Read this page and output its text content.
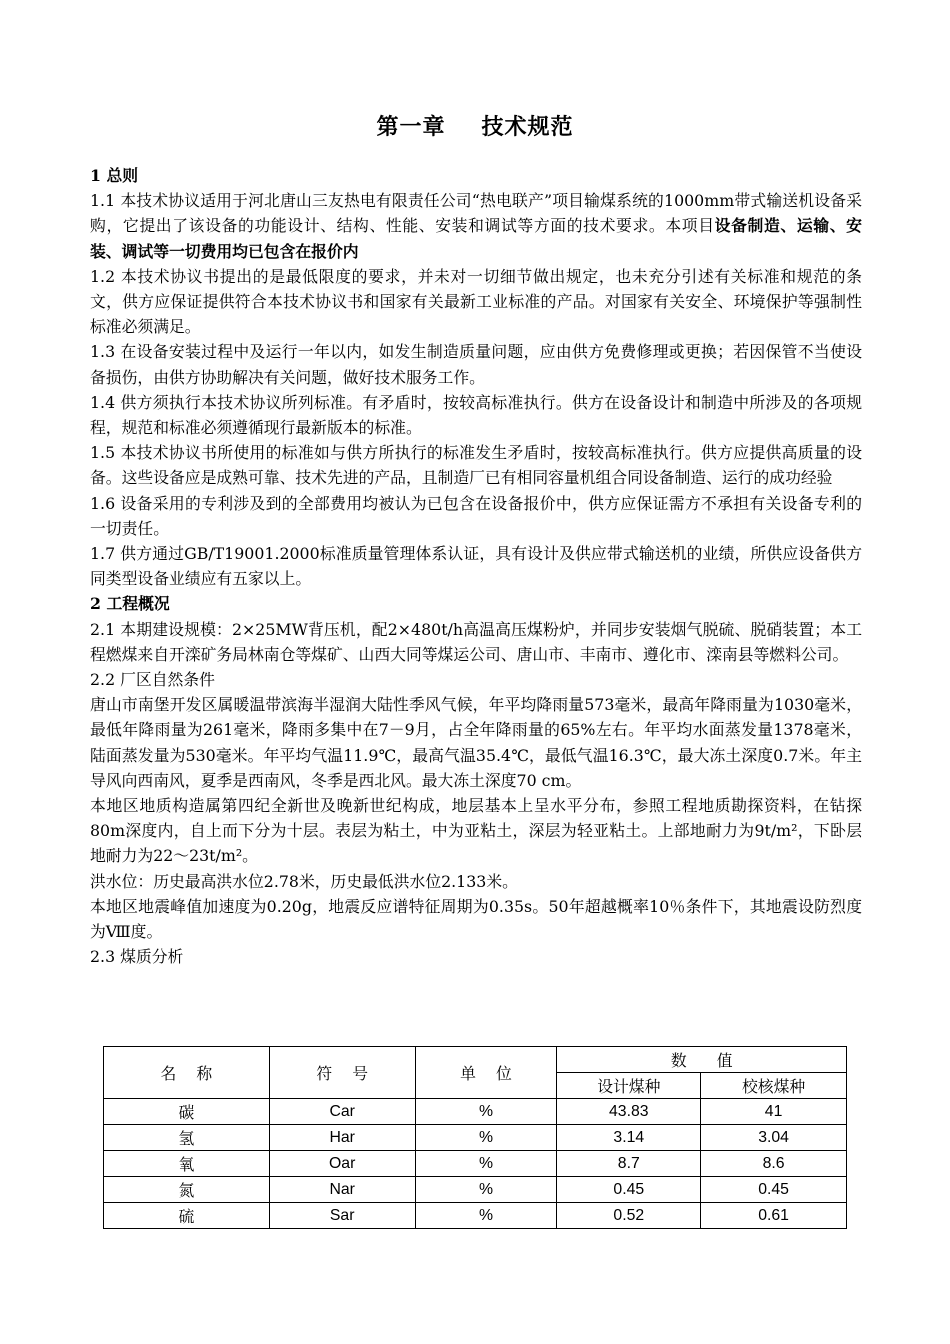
第一章 技术规范

1 总则

1.1 本技术协议适用于河北唐山三友热电有限责任公司“热电联产”项目输煤系统的1000mm带式输送机设备采购，它提出了该设备的功能设计、结构、性能、安装和调试等方面的技术要求。本项目设备制造、运输、安装、调试等一切费用均已包含在报价内

1.2 本技术协议书提出的是最低限度的要求，并未对一切细节做出规定，也未充分引述有关标准和规范的条文，供方应保证提供符合本技术协议书和国家有关最新工业标准的产品。对国家有关安全、环境保护等强制性标准必须满足。

1.3 在设备安装过程中及运行一年以内，如发生制造质量问题，应由供方免费修理或更换；若因保管不当使设备损伤，由供方协助解决有关问题，做好技术服务工作。

1.4 供方须执行本技术协议所列标准。有矛盾时，按较高标准执行。供方在设备设计和制造中所涉及的各项规程，规范和标准必须遵循现行最新版本的标准。

1.5 本技术协议书所使用的标准如与供方所执行的标准发生矛盾时，按较高标准执行。供方应提供高质量的设备。这些设备应是成熟可靠、技术先进的产品，且制造厂已有相同容量机组合同设备制造、运行的成功经验

1.6 设备采用的专利涉及到的全部费用均被认为已包含在设备报价中，供方应保证需方不承担有关设备专利的一切责任。

1.7 供方通过GB/T19001.2000标准质量管理体系认证，具有设计及供应带式输送机的业绩，所供应设备供方同类型设备业绩应有五家以上。

2 工程概况

2.1 本期建设规模：2×25MW背压机，配2×480t/h高温高压煤粉炉，并同步安装烟气脱硫、脱硝装置；本工程燃煤来自开滦矿务局林南仓等煤矿、山西大同等煤运公司、唐山市、丰南市、遵化市、滦南县等燃料公司。

2.2 厂区自然条件

唐山市南堡开发区属暖温带滨海半湿润大陆性季风气候，年平均降雨量573毫米，最高年降雨量为1030毫米，最低年降雨量为261毫米，降雨多集中在7－9月，占全年降雨量的65%左右。年平均水面蒸发量1378毫米，陆面蒸发量为530毫米。年平均气温11.9℃，最高气温35.4℃，最低气温16.3℃，最大冻土深度0.7米。年主导风向西南风，夏季是西南风，冬季是西北风。最大冻土深度70 cm。

本地区地质构造属第四纪全新世及晚新世纪构成，地层基本上呈水平分布，参照工程地质勘探资料，在钻探80m深度内，自上而下分为十层。表层为粘土，中为亚粘土，深层为轻亚粘土。上部地耐力为9t/m²，下卧层地耐力为22～23t/m²。

洪水位：历史最高洪水位2.78米，历史最低洪水位2.133米。

本地区地震峰值加速度为0.20g，地震反应谱特征周期为0.35s。50年超越概率10％条件下，其地震设防烈度为Ⅷ度。

2.3 煤质分析

名    称	符    号	单    位	数      值	
			设计煤种	校核煤种
碳	Car	%	43.83	41
氢	Har	%	3.14	3.04
氧	Oar	%	8.7	8.6
氮	Nar	%	0.45	0.45
硫	Sar	%	0.52	0.61
